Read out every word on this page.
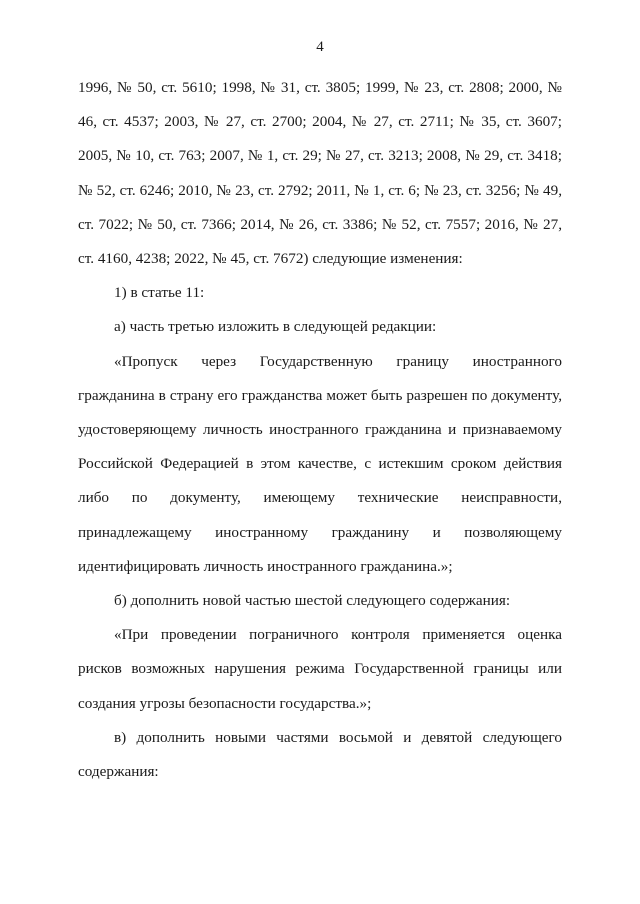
4

1996, № 50, ст. 5610; 1998, № 31, ст. 3805; 1999, № 23, ст. 2808; 2000, № 46, ст. 4537; 2003, № 27, ст. 2700; 2004, № 27, ст. 2711; № 35, ст. 3607; 2005, № 10, ст. 763; 2007, № 1, ст. 29; № 27, ст. 3213; 2008, № 29, ст. 3418; № 52, ст. 6246; 2010, № 23, ст. 2792; 2011, № 1, ст. 6; № 23, ст. 3256; № 49, ст. 7022; № 50, ст. 7366; 2014, № 26, ст. 3386; № 52, ст. 7557; 2016, № 27, ст. 4160, 4238; 2022, № 45, ст. 7672) следующие изменения:

1) в статье 11:

а) часть третью изложить в следующей редакции:

«Пропуск через Государственную границу иностранного гражданина в страну его гражданства может быть разрешен по документу, удостоверяющему личность иностранного гражданина и признаваемому Российской Федерацией в этом качестве, с истекшим сроком действия либо по документу, имеющему технические неисправности, принадлежащему иностранному гражданину и позволяющему идентифицировать личность иностранного гражданина.»;

б) дополнить новой частью шестой следующего содержания:

«При проведении пограничного контроля применяется оценка рисков возможных нарушения режима Государственной границы или создания угрозы безопасности государства.»;

в) дополнить новыми частями восьмой и девятой следующего содержания:
